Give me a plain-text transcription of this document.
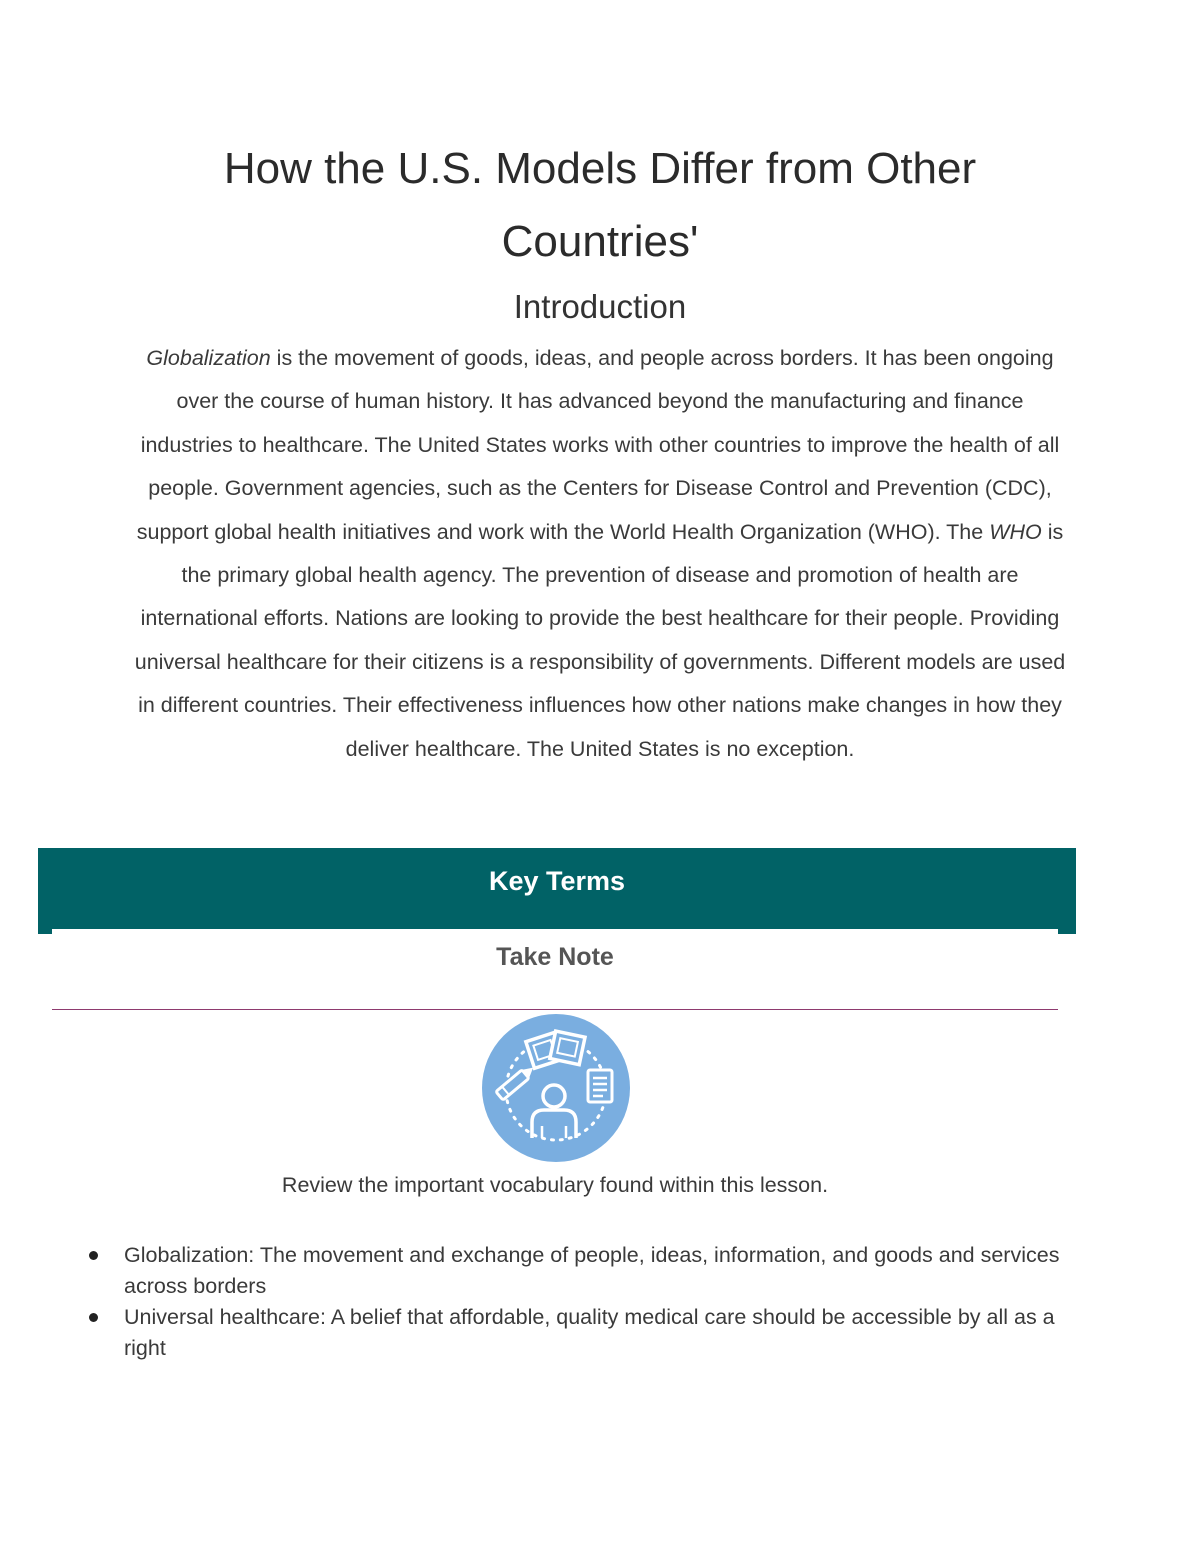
How the U.S. Models Differ from Other Countries'
Introduction

Globalization is the movement of goods, ideas, and people across borders. It has been ongoing over the course of human history. It has advanced beyond the manufacturing and finance industries to healthcare. The United States works with other countries to improve the health of all people. Government agencies, such as the Centers for Disease Control and Prevention (CDC), support global health initiatives and work with the World Health Organization (WHO). The WHO is the primary global health agency. The prevention of disease and promotion of health are international efforts. Nations are looking to provide the best healthcare for their people. Providing universal healthcare for their citizens is a responsibility of governments. Different models are used in different countries. Their effectiveness influences how other nations make changes in how they deliver healthcare. The United States is no exception.

Key Terms
Take Note

Review the important vocabulary found within this lesson.

Globalization: The movement and exchange of people, ideas, information, and goods and services across borders
Universal healthcare: A belief that affordable, quality medical care should be accessible by all as a right
